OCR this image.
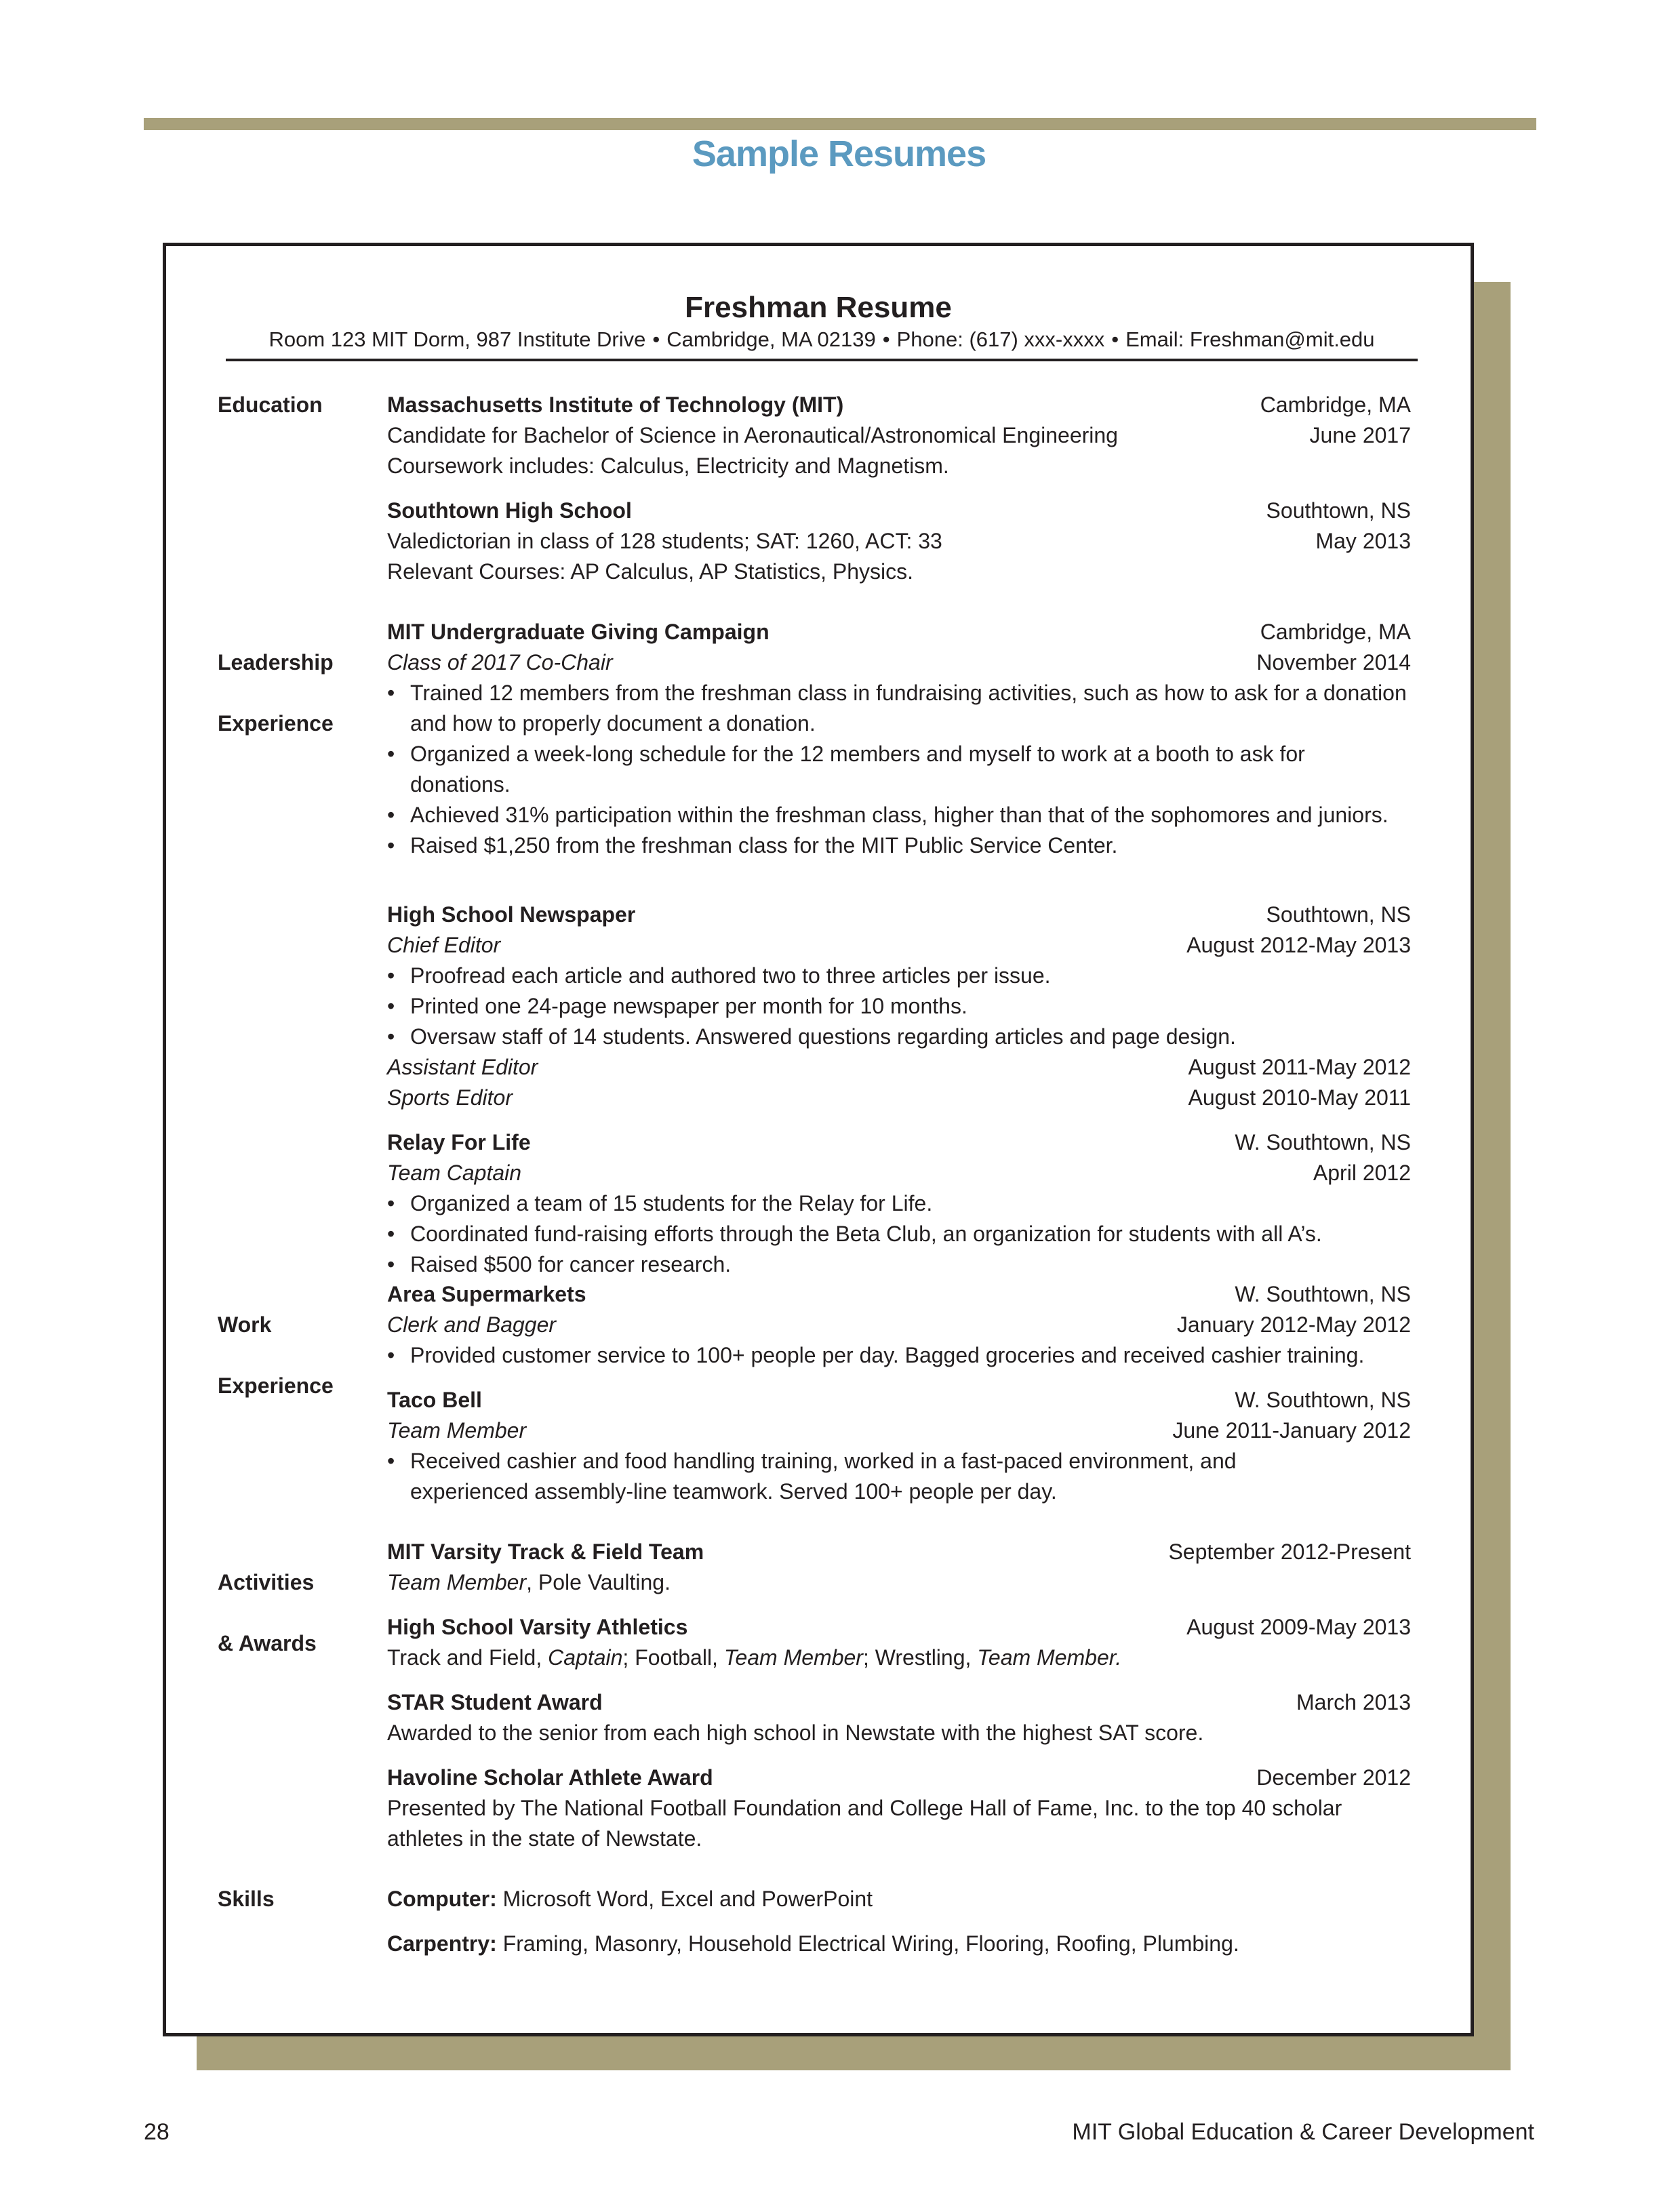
Sample Resumes
Freshman Resume
Room 123 MIT Dorm, 987 Institute Drive • Cambridge, MA 02139 • Phone: (617) xxx-xxxx • Email: Freshman@mit.edu
Education	Massachusetts Institute of Technology (MIT)	Cambridge, MA
Candidate for Bachelor of Science in Aeronautical/Astronomical Engineering	June 2017
Coursework includes: Calculus, Electricity and Magnetism.
Southtown High School	Southtown, NS
Valedictorian in class of 128 students; SAT: 1260, ACT: 33	May 2013
Relevant Courses: AP Calculus, AP Statistics, Physics.

Leadership

Experience

MIT Undergraduate Giving Campaign	Cambridge, MA
Class of 2017 Co-Chair	November 2014
• Trained 12 members from the freshman class in fundraising activities, such as how to ask for a donation and how to properly document a donation.
• Organized a week-long schedule for the 12 members and myself to work at a booth to ask for donations.
• Achieved 31% participation within the freshman class, higher than that of the sophomores and juniors.
• Raised $1,250 from the freshman class for the MIT Public Service Center.
High School Newspaper	Southtown, NS
Chief Editor	August 2012-May 2013
• Proofread each article and authored two to three articles per issue.
• Printed one 24-page newspaper per month for 10 months.
• Oversaw staff of 14 students. Answered questions regarding articles and page design.
Assistant Editor	August 2011-May 2012
Sports Editor	August 2010-May 2011
Relay For Life	W. Southtown, NS
Team Captain	April 2012
• Organized a team of 15 students for the Relay for Life.
• Coordinated fund-raising efforts through the Beta Club, an organization for students with all A’s.
• Raised $500 for cancer research.

Work

Experience

Area Supermarkets	W. Southtown, NS
Clerk and Bagger	January 2012-May 2012
• Provided customer service to 100+ people per day. Bagged groceries and received cashier training.
Taco Bell	W. Southtown, NS
Team Member	June 2011-January 2012
• Received cashier and food handling training, worked in a fast-paced environment, and experienced assembly-line teamwork. Served 100+ people per day.

Activities

& Awards

MIT Varsity Track & Field Team	September 2012-Present
Team Member, Pole Vaulting.
High School Varsity Athletics	August 2009-May 2013
Track and Field, Captain; Football, Team Member; Wrestling, Team Member.
STAR Student Award	March 2013
Awarded to the senior from each high school in Newstate with the highest SAT score.
Havoline Scholar Athlete Award	December 2012
Presented by The National Football Foundation and College Hall of Fame, Inc. to the top 40 scholar athletes in the state of Newstate.
Skills	Computer: Microsoft Word, Excel and PowerPoint
Carpentry: Framing, Masonry, Household Electrical Wiring, Flooring, Roofing, Plumbing.
28	MIT Global Education & Career Development
